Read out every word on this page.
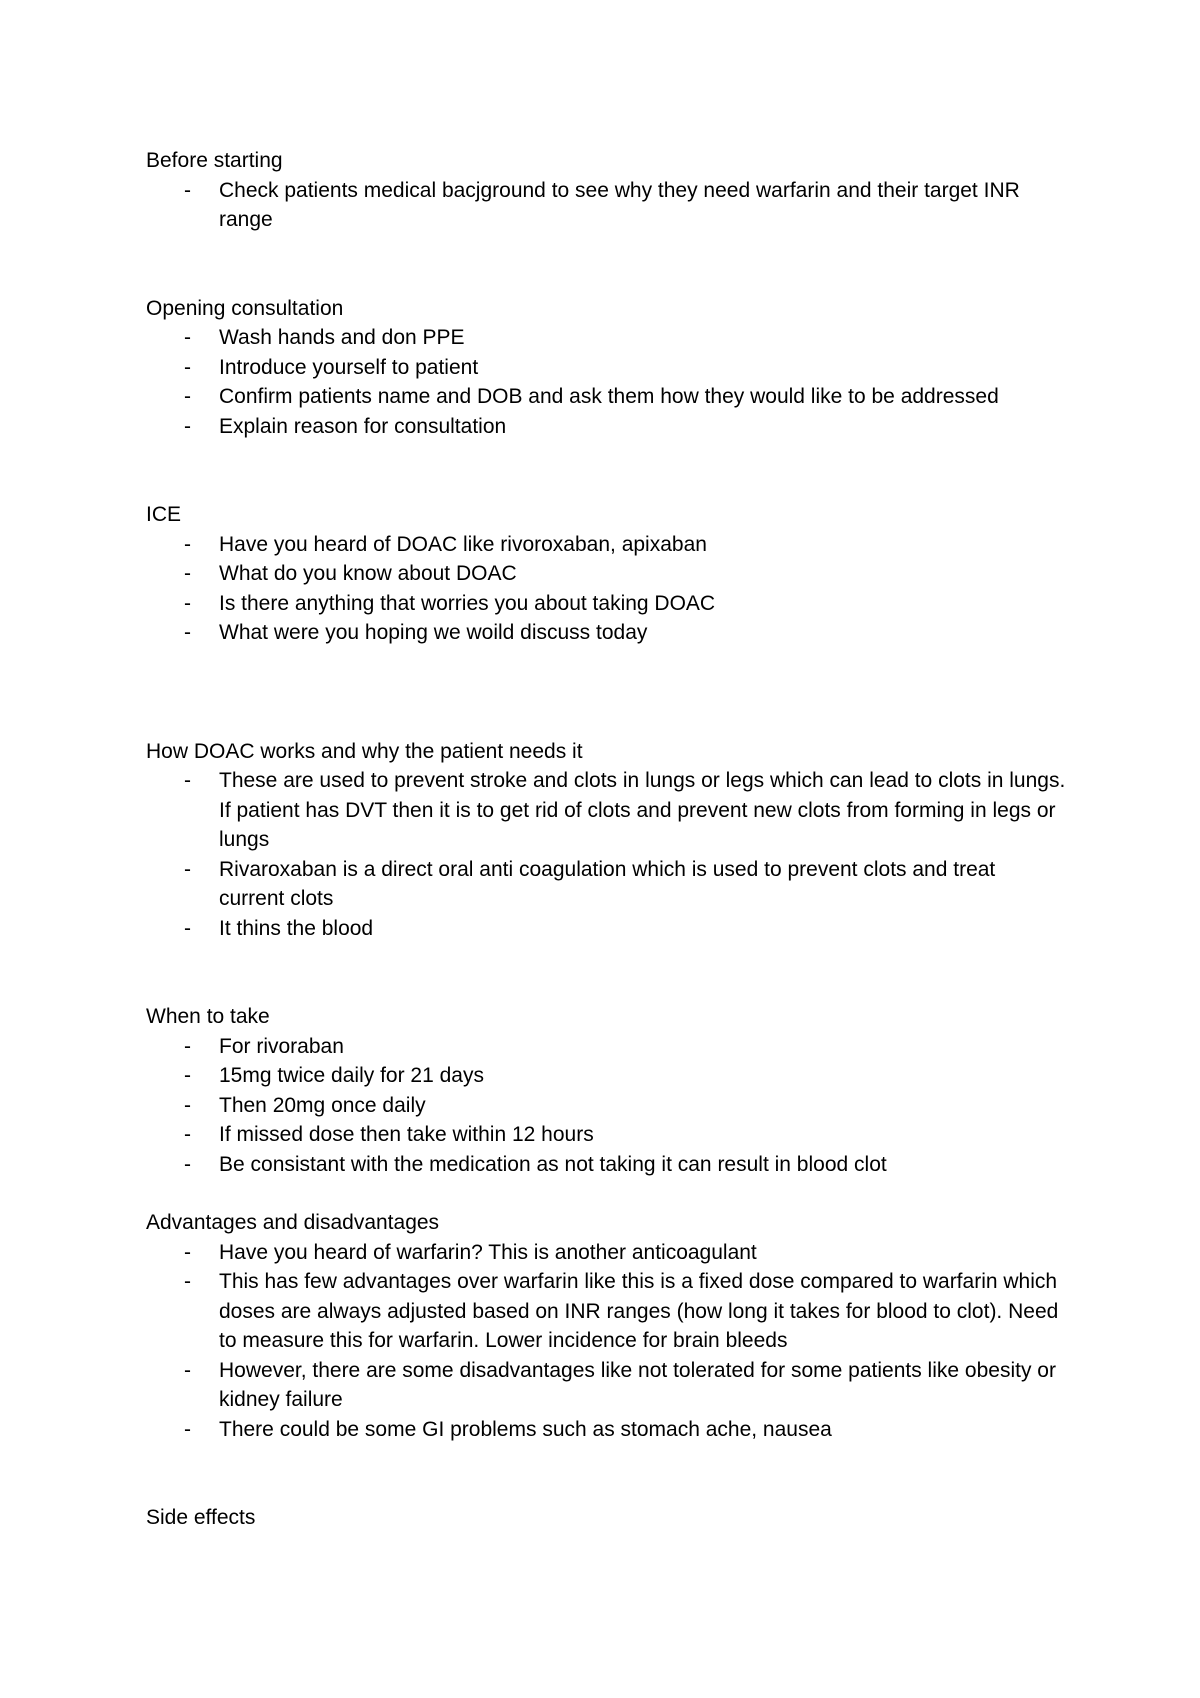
Before starting

- Check patients medical bacjground to see why they need warfarin and their target INR range

Opening consultation

- Wash hands and don PPE
- Introduce yourself to patient
- Confirm patients name and DOB and ask them how they would like to be addressed
- Explain reason for consultation

ICE

- Have you heard of DOAC like rivoroxaban, apixaban
- What do you know about DOAC
- Is there anything that worries you about taking DOAC
- What were you hoping we woild discuss today

How DOAC works and why the patient needs it

- These are used to prevent stroke and clots in lungs or legs which can lead to clots in lungs. If patient has DVT then it is to get rid of clots and prevent new clots from forming in legs or lungs
- Rivaroxaban is a direct oral anti coagulation which is used to prevent clots and treat current clots
- It thins the blood

When to take

- For rivoraban
- 15mg twice daily for 21 days
- Then 20mg once daily
- If missed dose then take within 12 hours
- Be consistant with the medication as not taking it can result in blood clot

Advantages and disadvantages

- Have you heard of warfarin? This is another anticoagulant
- This has few advantages over warfarin like this is a fixed dose compared to warfarin which doses are always adjusted based on INR ranges (how long it takes for blood to clot). Need to measure this for warfarin. Lower incidence for brain bleeds
- However, there are some disadvantages like not tolerated for some patients like obesity or kidney failure
- There could be some GI problems such as stomach ache, nausea

Side effects
